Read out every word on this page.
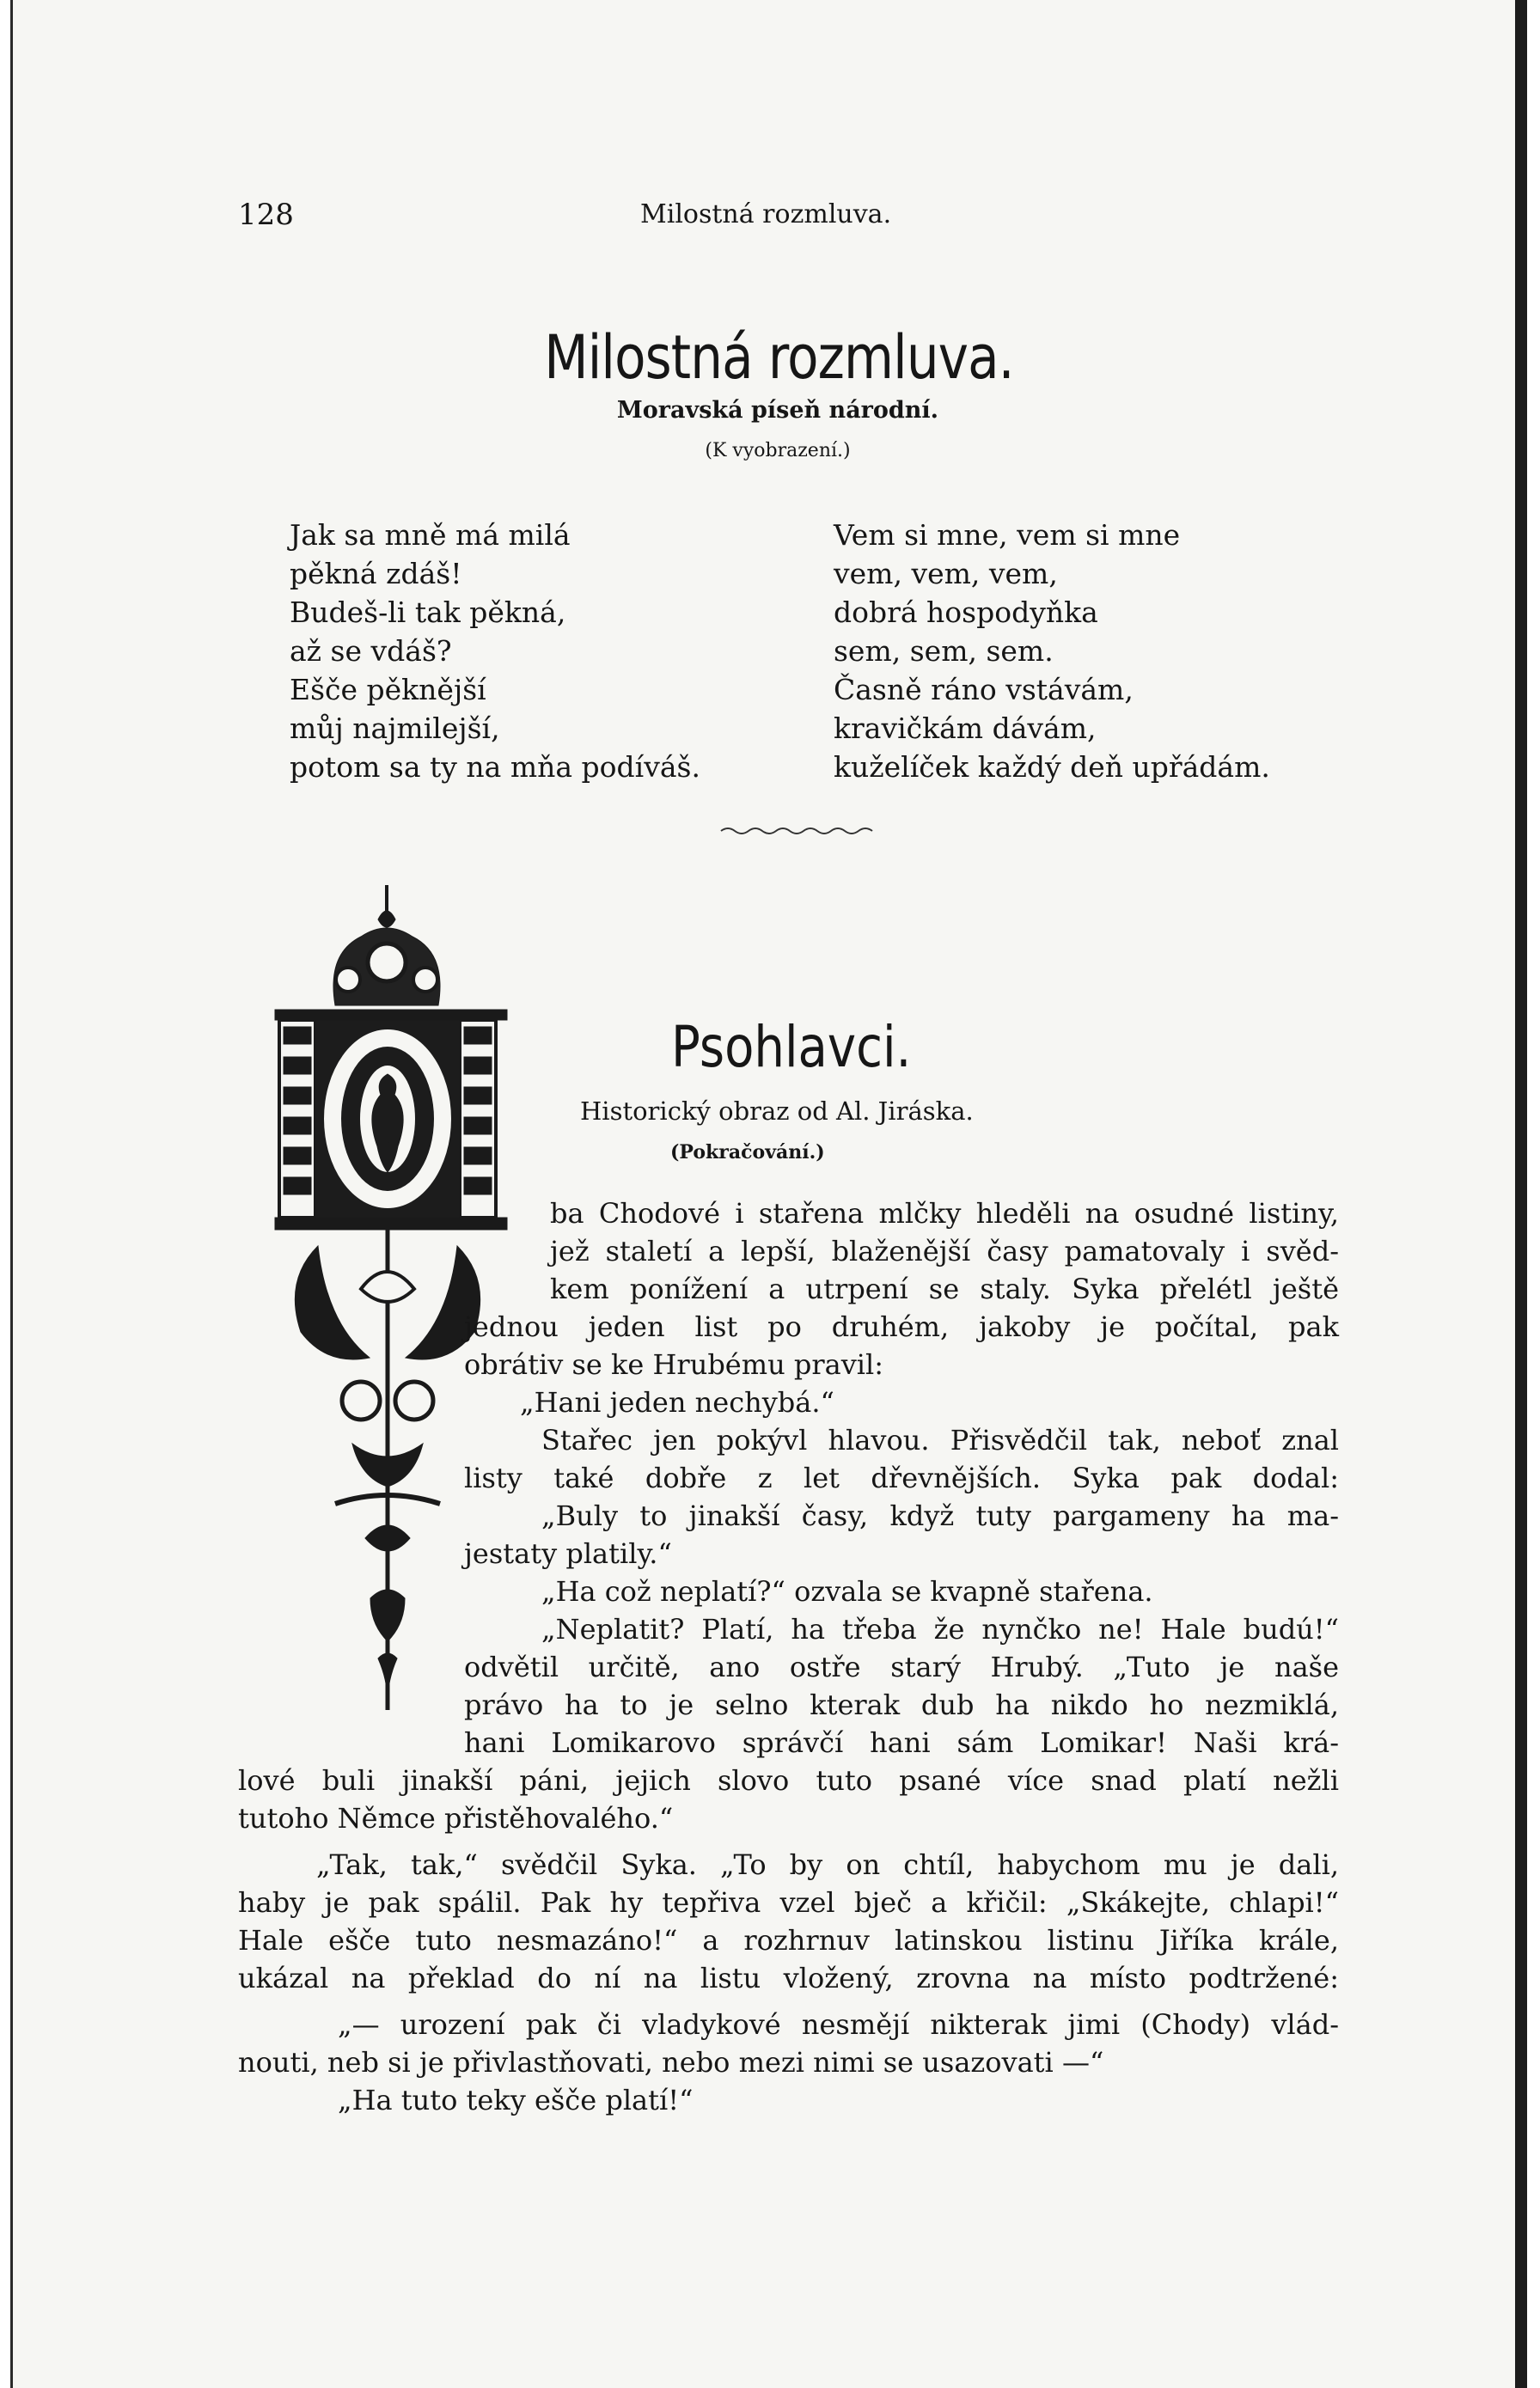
128	Milostná rozmluva.
Milostná rozmluva.
Moravská píseň národní.
(K vyobrazení.)
Jak sa mně má milá
pěkná zdáš!
Budeš-li tak pěkná,
až se vdáš?
Ešče pěknější
můj najmilejší,
potom sa ty na mňa podíváš.
Vem si mne, vem si mne
vem, vem, vem,
dobrá hospodyňka
sem, sem, sem.
Časně ráno vstávám,
kravičkám dávám,
kuželíček každý deň upřádám.
O
Psohlavci.
Historický obraz od Al. Jiráska.
(Pokračování.)
ba Chodové i stařena mlčky hleděli na osudné listiny,
jež staletí a lepší, blaženější časy pamatovaly i svěd-
kem ponížení a utrpení se staly. Syka přelétl ještě
jednou jeden list po druhém, jakoby je počítal, pak
obrátiv se ke Hrubému pravil:
„Hani jeden nechybá.“
Stařec jen pokývl hlavou. Přisvědčil tak, neboť znal
listy také dobře z let dřevnějších. Syka pak dodal:
„Buly to jinakší časy, když tuty pargameny ha ma-
jestaty platily.“
„Ha což neplatí?“ ozvala se kvapně stařena.
„Neplatit? Platí, ha třeba že nynčko ne! Hale budú!“
odvětil určitě, ano ostře starý Hrubý. „Tuto je naše
právo ha to je selno kterak dub ha nikdo ho nezmiklá,
hani Lomikarovo správčí hani sám Lomikar! Naši krá-
lové buli jinakší páni, jejich slovo tuto psané více snad platí nežli
tutoho Němce přistěhovalého.“
„Tak, tak,“ svědčil Syka. „To by on chtíl, habychom mu je dali,
haby je pak spálil. Pak hy tepřiva vzel bječ a křičil: „Skákejte, chlapi!“
Hale ešče tuto nesmazáno!“ a rozhrnuv latinskou listinu Jiříka krále,
ukázal na překlad do ní na listu vložený, zrovna na místo podtržené:
„— urození pak či vladykové nesmějí nikterak jimi (Chody) vlád-
nouti, neb si je přivlastňovati, nebo mezi nimi se usazovati —“
„Ha tuto teky ešče platí!“
